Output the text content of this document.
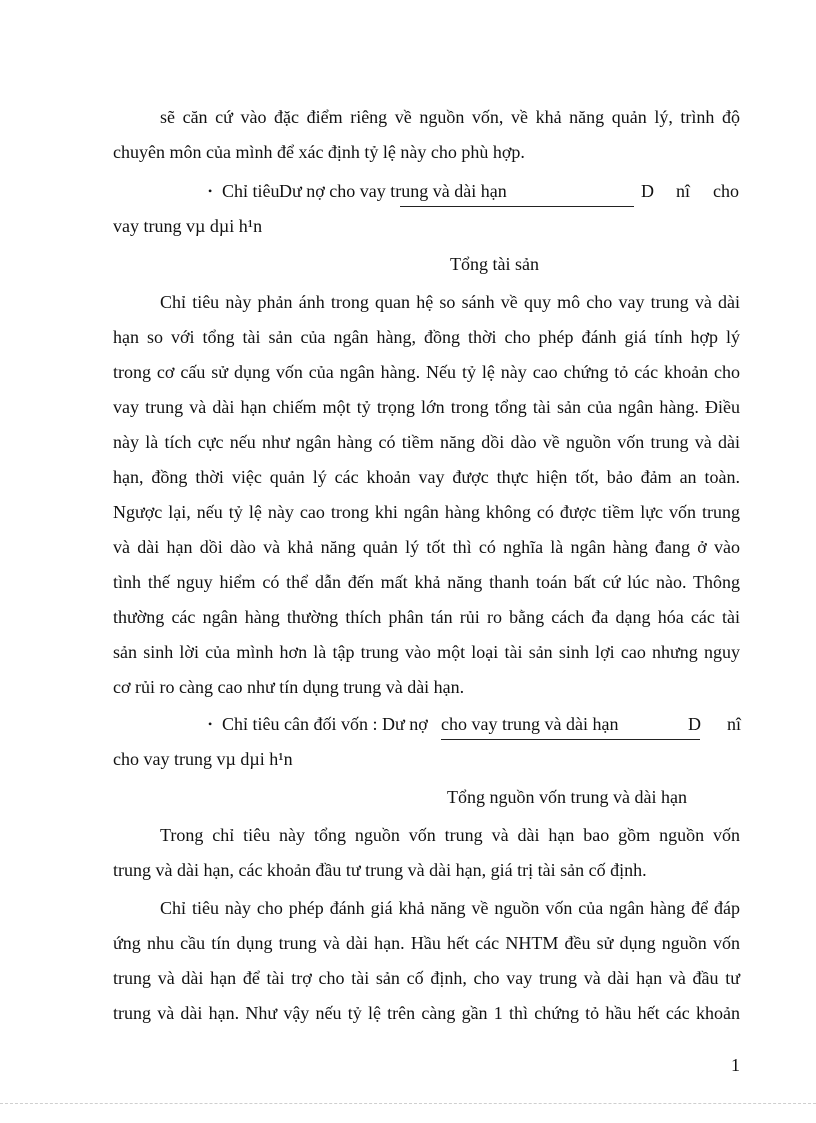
sẽ căn cứ vào đặc điểm riêng về nguồn vốn, về khả năng quản lý, trình độ
chuyên môn của mình để xác định tỷ lệ này cho phù hợp.
• Chỉ tiêu Dư nợ cho vay trung và dài hạn	D nî cho
vay trung vµ dµi h¹n
Tổng tài sản
Chỉ tiêu này phản ánh trong quan hệ so sánh về quy mô cho vay trung và dài
hạn so với tổng tài sản của ngân hàng, đồng thời cho phép đánh giá tính hợp lý
trong cơ cấu sử dụng vốn của ngân hàng. Nếu tỷ lệ này cao chứng tỏ các khoản cho
vay trung và dài hạn chiếm một tỷ trọng lớn trong tổng tài sản của ngân hàng. Điều
này là tích cực nếu như ngân hàng có tiềm năng dồi dào về nguồn vốn trung và dài
hạn, đồng thời việc quản lý các khoản vay được thực hiện tốt, bảo đảm an toàn.
Ngược lại, nếu tỷ lệ này cao trong khi ngân hàng không có được tiềm lực vốn trung
và dài hạn dồi dào và khả năng quản lý tốt thì có nghĩa là ngân hàng đang ở vào
tình thế nguy hiểm có thể dẫn đến mất khả năng thanh toán bất cứ lúc nào. Thông
thường các ngân hàng thường thích phân tán rủi ro bằng cách đa dạng hóa các tài
sản sinh lời của mình hơn là tập trung vào một loại tài sản sinh lợi cao nhưng nguy
cơ rủi ro càng cao như tín dụng trung và dài hạn.
• Chỉ tiêu cân đối vốn : Dư nợ cho vay trung và dài hạn	D nî
cho vay trung vµ dµi h¹n
Tổng nguồn vốn trung và dài hạn
Trong chỉ tiêu này tổng nguồn vốn trung và dài hạn bao gồm nguồn vốn
trung và dài hạn, các khoản đầu tư trung và dài hạn, giá trị tài sản cố định.
Chỉ tiêu này cho phép đánh giá khả năng về nguồn vốn của ngân hàng để đáp
ứng nhu cầu tín dụng trung và dài hạn. Hầu hết các NHTM đều sử dụng nguồn vốn
trung và dài hạn để tài trợ cho tài sản cố định, cho vay trung và dài hạn và đầu tư
trung và dài hạn. Như vậy nếu tỷ lệ trên càng gần 1 thì chứng tỏ hầu hết các khoản
1
